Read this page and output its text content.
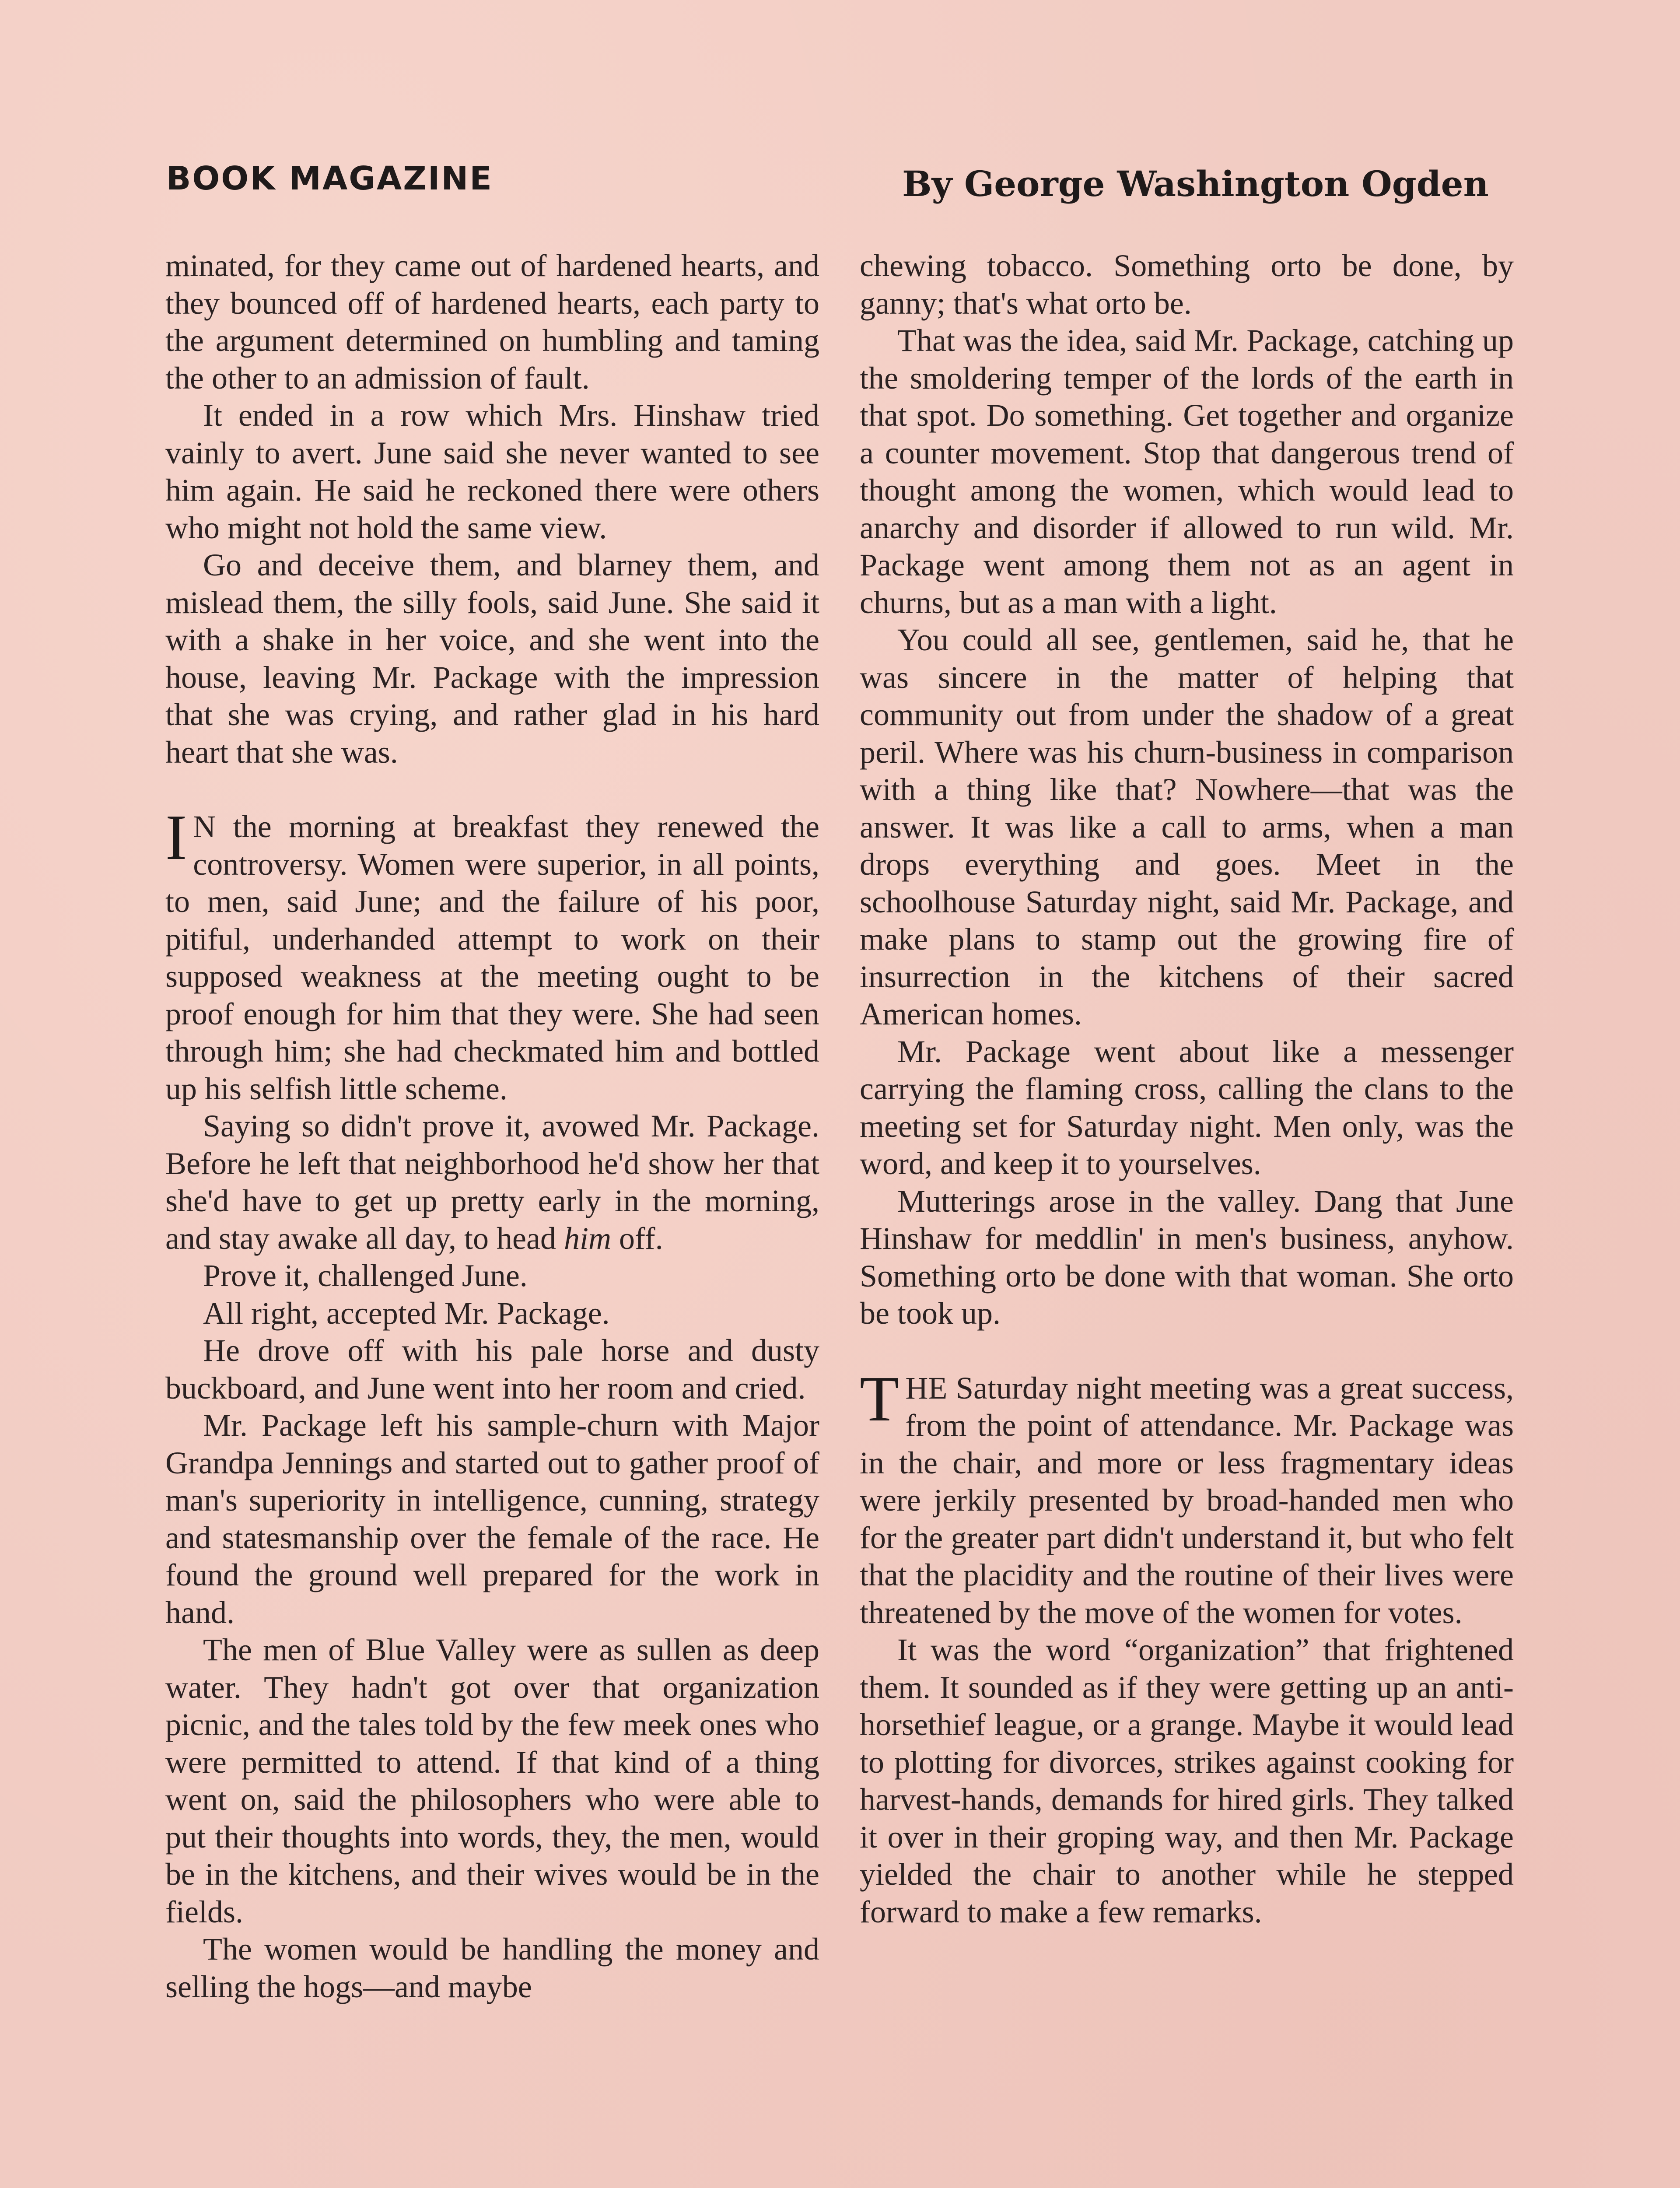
BOOK MAGAZINE	By George Washington Ogden

minated, for they came out of hardened hearts, and they bounced off of hardened hearts, each party to the argument determined on humbling and taming the other to an admission of fault.

It ended in a row which Mrs. Hinshaw tried vainly to avert. June said she never wanted to see him again. He said he reckoned there were others who might not hold the same view.

Go and deceive them, and blarney them, and mislead them, the silly fools, said June. She said it with a shake in her voice, and she went into the house, leaving Mr. Package with the impression that she was crying, and rather glad in his hard heart that she was.

I N the morning at breakfast they renewed the controversy. Women were superior, in all points, to men, said June; and the failure of his poor, pitiful, underhanded attempt to work on their supposed weakness at the meeting ought to be proof enough for him that they were. She had seen through him; she had checkmated him and bottled up his selfish little scheme.

Saying so didn't prove it, avowed Mr. Package. Before he left that neighborhood he'd show her that she'd have to get up pretty early in the morning, and stay awake all day, to head him off.

Prove it, challenged June.

All right, accepted Mr. Package.

He drove off with his pale horse and dusty buckboard, and June went into her room and cried.

Mr. Package left his sample-churn with Major Grandpa Jennings and started out to gather proof of man's superiority in intelligence, cunning, strategy and statesmanship over the female of the race. He found the ground well prepared for the work in hand.

The men of Blue Valley were as sullen as deep water. They hadn't got over that organization picnic, and the tales told by the few meek ones who were permitted to attend. If that kind of a thing went on, said the philosophers who were able to put their thoughts into words, they, the men, would be in the kitchens, and their wives would be in the fields.

The women would be handling the money and selling the hogs—and maybe

chewing tobacco. Something orto be done, by ganny; that's what orto be.

That was the idea, said Mr. Package, catching up the smoldering temper of the lords of the earth in that spot. Do something. Get together and organize a counter movement. Stop that dangerous trend of thought among the women, which would lead to anarchy and disorder if allowed to run wild. Mr. Package went among them not as an agent in churns, but as a man with a light.

You could all see, gentlemen, said he, that he was sincere in the matter of helping that community out from under the shadow of a great peril. Where was his churn-business in comparison with a thing like that? Nowhere—that was the answer. It was like a call to arms, when a man drops everything and goes. Meet in the schoolhouse Saturday night, said Mr. Package, and make plans to stamp out the growing fire of insurrection in the kitchens of their sacred American homes.

Mr. Package went about like a messenger carrying the flaming cross, calling the clans to the meeting set for Saturday night. Men only, was the word, and keep it to yourselves.

Mutterings arose in the valley. Dang that June Hinshaw for meddlin' in men's business, anyhow. Something orto be done with that woman. She orto be took up.

THE Saturday night meeting was a great success, from the point of attendance. Mr. Package was in the chair, and more or less fragmentary ideas were jerkily presented by broad-handed men who for the greater part didn't understand it, but who felt that the placidity and the routine of their lives were threatened by the move of the women for votes.

It was the word “organization” that frightened them. It sounded as if they were getting up an anti-horsethief league, or a grange. Maybe it would lead to plotting for divorces, strikes against cooking for harvest-hands, demands for hired girls. They talked it over in their groping way, and then Mr. Package yielded the chair to another while he stepped forward to make a few remarks.
